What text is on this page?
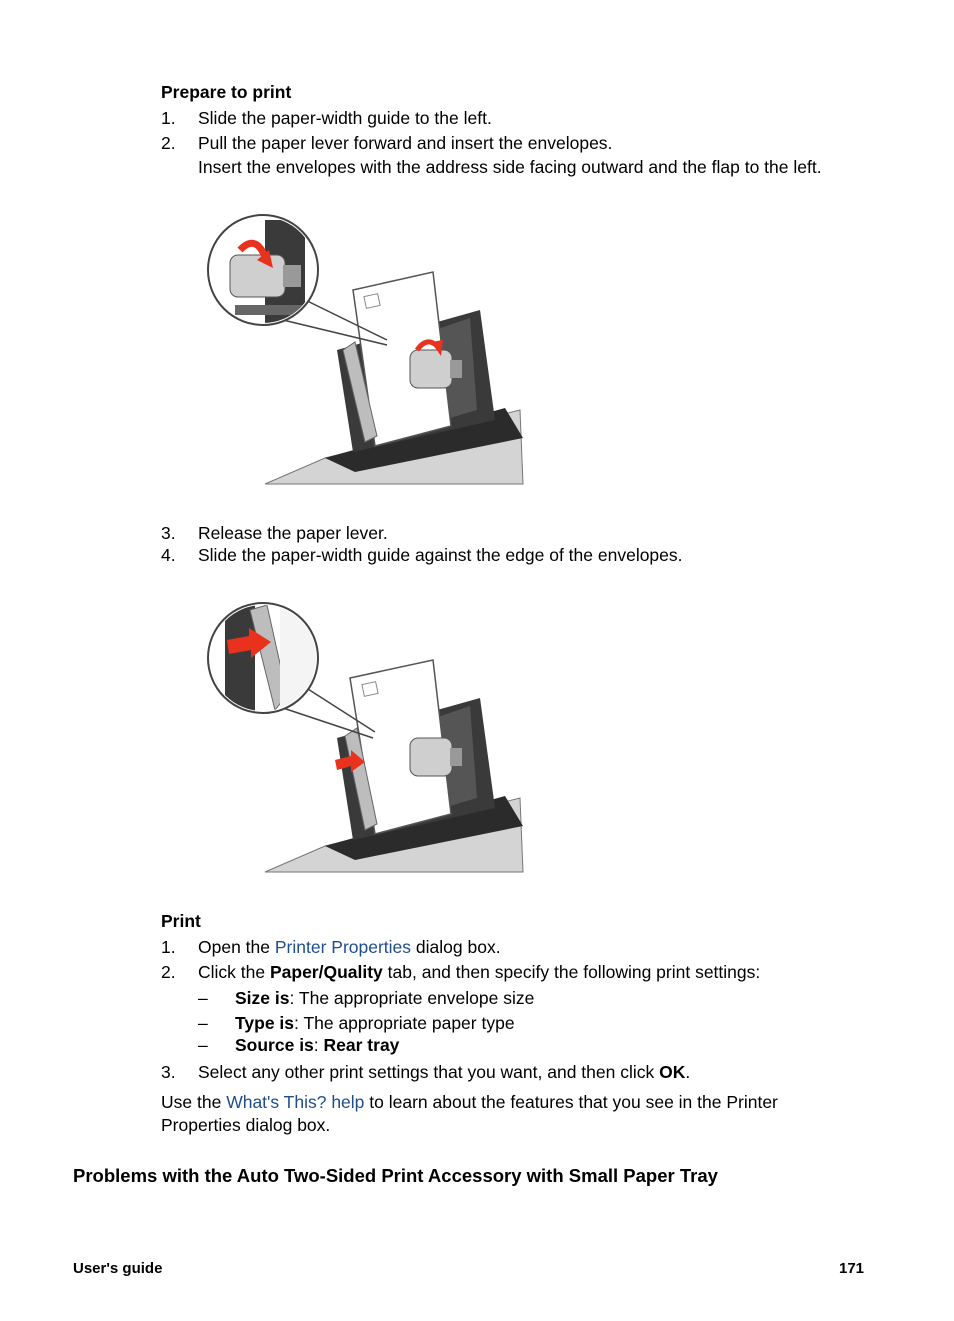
Prepare to print
1. Slide the paper-width guide to the left.
2. Pull the paper lever forward and insert the envelopes.
Insert the envelopes with the address side facing outward and the flap to the left.
3. Release the paper lever.
4. Slide the paper-width guide against the edge of the envelopes.
Print
1. Open the Printer Properties dialog box.
2. Click the Paper/Quality tab, and then specify the following print settings:
– Size is: The appropriate envelope size
– Type is: The appropriate paper type
– Source is: Rear tray
3. Select any other print settings that you want, and then click OK.
Use the What's This? help to learn about the features that you see in the Printer
Properties dialog box.
Problems with the Auto Two-Sided Print Accessory with Small Paper Tray
User's guide	171
